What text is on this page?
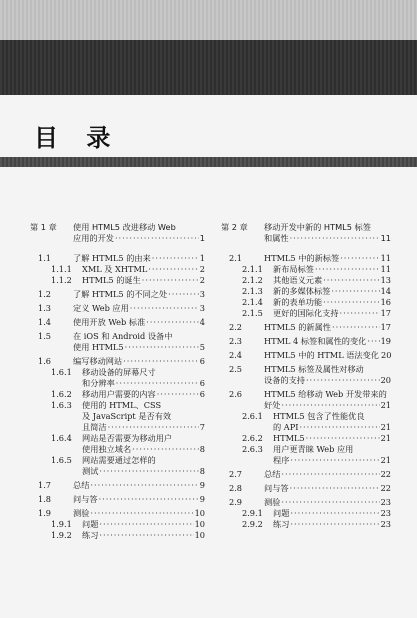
目 录
第 1 章 使用 HTML5 改进移动 Web
应用的开发 ·····	1
1.1	了解 HTML5 的由来 ·····	1
1.1.1 XML 及 XHTML ·····	2
1.1.2 HTML5 的诞生 ·····	2
1.2	了解 HTML5 的不同之处 ·····	3
1.3	定义 Web 应用 ·····	3
1.4	使用开放 Web 标准 ·····	4
1.5	在 iOS 和 Android 设备中
使用 HTML5 ·····	5
1.6	编写移动网站 ·····	6
1.6.1 移动设备的屏幕尺寸
和分辨率 ·····	6
1.6.2 移动用户需要的内容 ·····	6
1.6.3 使用的 HTML、CSS
及 JavaScript 是否有效
且简洁 ·····	7
1.6.4 网站是否需要为移动用户
使用独立域名 ·····	8
1.6.5 网站需要通过怎样的
测试 ·····	8
1.7	总结 ·····	9
1.8	问与答 ·····	9
1.9	测验 ·····	10
1.9.1 问题 ·····	10
1.9.2 练习 ·····	10
第 2 章 移动开发中新的 HTML5 标签
和属性 ·····	11
2.1	HTML5 中的新标签 ·····	11
2.1.1 新布局标签 ·····	11
2.1.2 其他语义元素 ·····	13
2.1.3 新的多媒体标签 ·····	14
2.1.4 新的表单功能 ·····	16
2.1.5 更好的国际化支持 ·····	17
2.2	HTML5 的新属性 ·····	17
2.3	HTML 4 标签和属性的变化 ····· 19
2.4	HTML5 中的 HTML 语法变化 20
2.5	HTML5 标签及属性对移动
设备的支持 ·····	20
2.6	HTML5 给移动 Web 开发带来的
好处 ·····	21
2.6.1 HTML5 包含了性能优良
的 API ·····	21
2.6.2 HTML5 ·····	21
2.6.3 用户更青睐 Web 应用
程序 ·····	21
2.7	总结 ·····	22
2.8	问与答 ·····	22
2.9	测验 ·····	23
2.9.1 问题 ·····	23
2.9.2 练习 ·····	23
